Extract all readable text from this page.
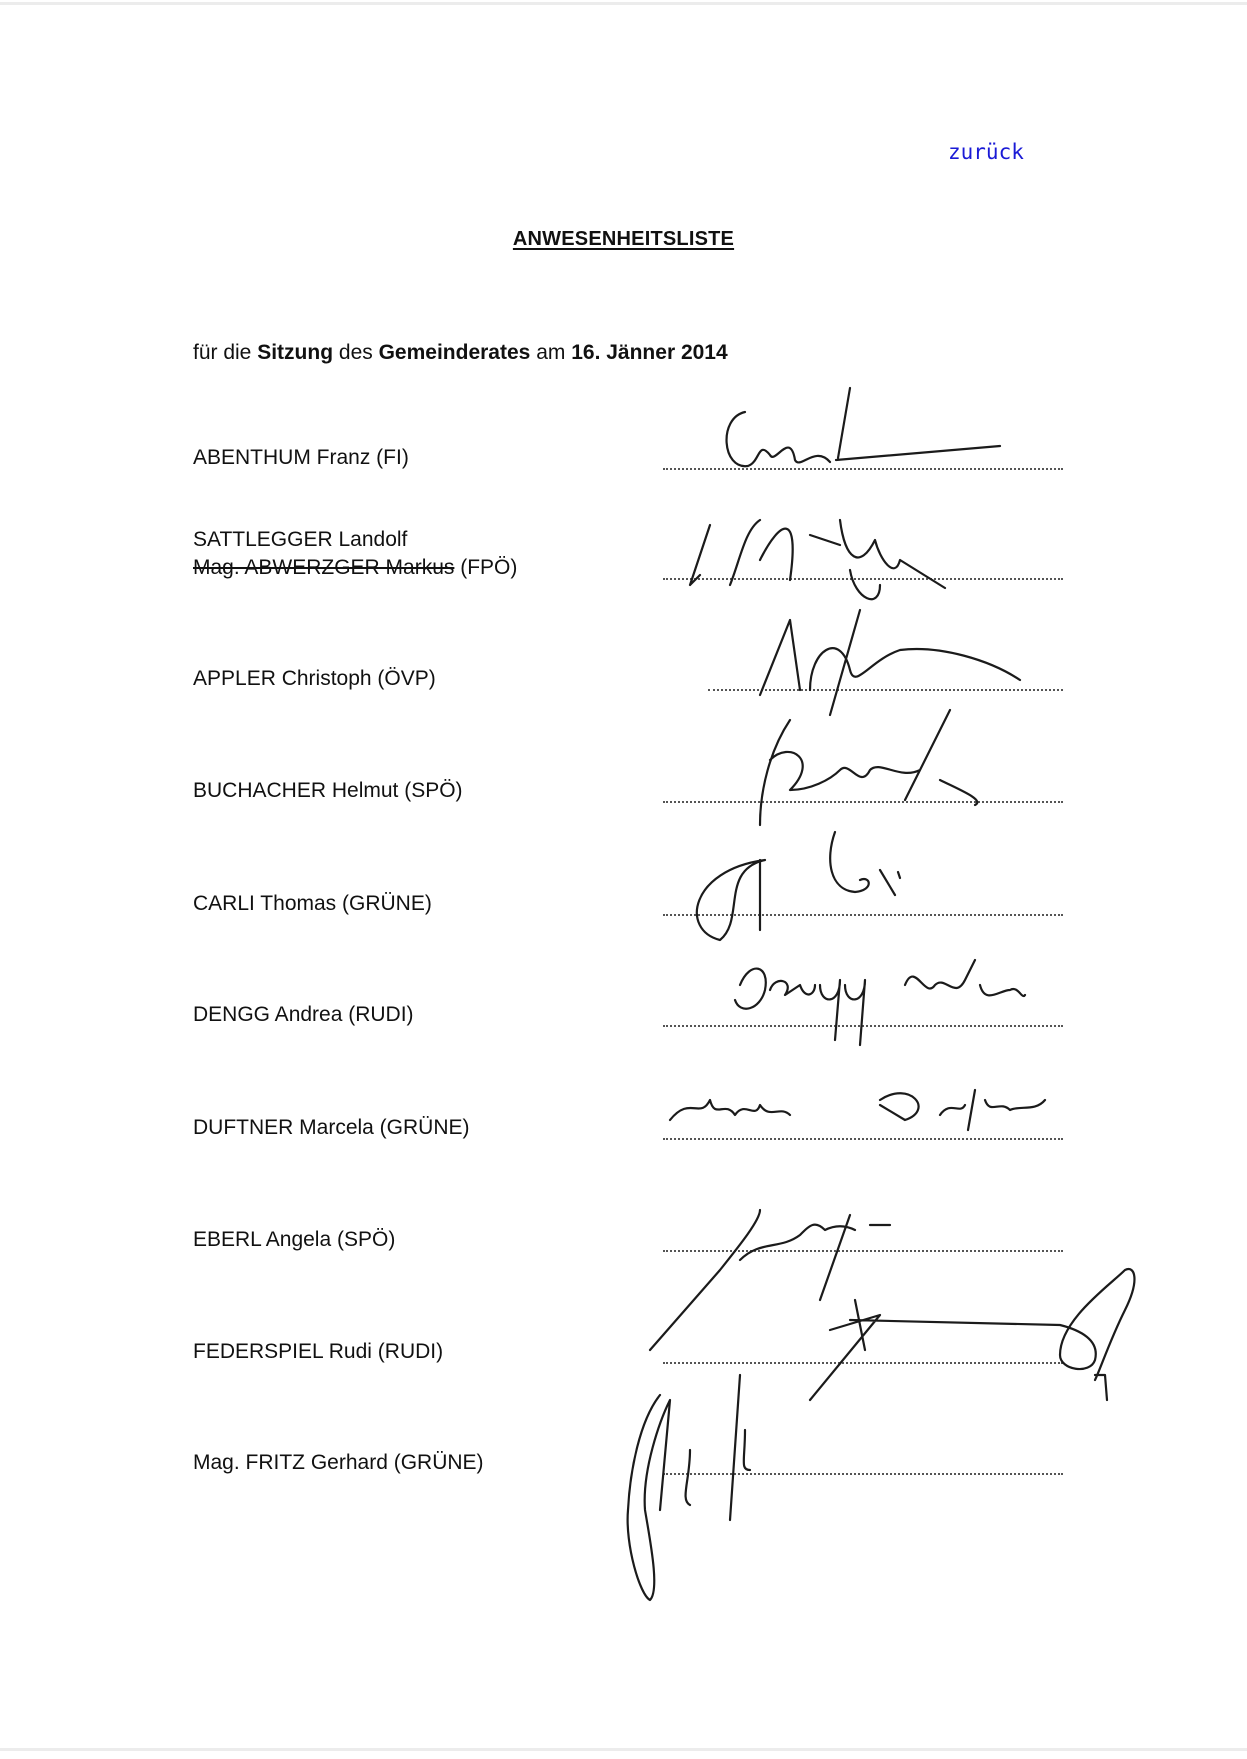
zurück
ANWESENHEITSLISTE
für die Sitzung des Gemeinderates am 16. Jänner 2014
ABENTHUM Franz (FI)
SATTLEGGER Landolf
Mag. ABWERZGER Markus (FPÖ)
APPLER Christoph (ÖVP)
BUCHACHER Helmut (SPÖ)
CARLI Thomas (GRÜNE)
DENGG Andrea (RUDI)
DUFTNER Marcela (GRÜNE)
EBERL Angela (SPÖ)
FEDERSPIEL Rudi (RUDI)
Mag. FRITZ Gerhard (GRÜNE)
